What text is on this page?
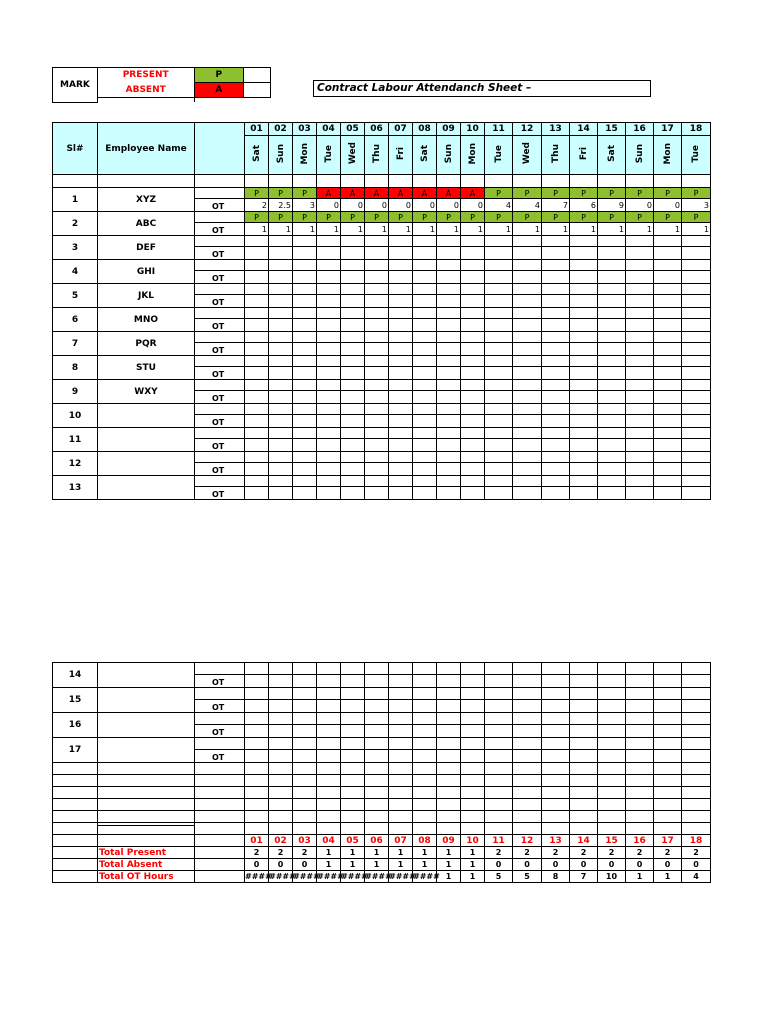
MARK	PRESENT	P	
	ABSENT	A	
			Contract Labour Attendanch Sheet –
Sl#	Employee Name		01	02	03	04	05	06	07	08	09	10	11	12	13	14	15	16	17	18
			Sat	Sun	Mon	Tue	Wed	Thu	Fri	Sat	Sun	Mon	Tue	Wed	Thu	Fri	Sat	Sun	Mon	Tue

1	XYZ		P	P	P	A	A	A	A	A	A	A	P	P	P	P	P	P	P	P
		OT	2	2.5	3	0	0	0	0	0	0	0	4	4	7	6	9	0	0	3
2	ABC		P	P	P	P	P	P	P	P	P	P	P	P	P	P	P	P	P	P
		OT	1	1	1	1	1	1	1	1	1	1	1	1	1	1	1	1	1	1
3	DEF																			
		OT																		
4	GHI																			
		OT																		
5	JKL																			
		OT																		
6	MNO																			
		OT																		
7	PQR																			
		OT																		
8	STU																			
		OT																		
9	WXY																			
		OT																		
10																				
		OT																		
11																				
		OT																		
12																				
		OT																		
13																				
		OT																		
14																				
		OT																		
15																				
		OT																		
16																				
		OT																		
17																				
		OT																		

			01	02	03	04	05	06	07	08	09	10	11	12	13	14	15	16	17	18
	Total Present		2	2	2	1	1	1	1	1	1	1	2	2	2	2	2	2	2	2
	Total Absent		0	0	0	1	1	1	1	1	1	1	0	0	0	0	0	0	0	0
	Total OT Hours		####	####	####	####	####	####	####	####	1	1	5	5	8	7	10	1	1	4
